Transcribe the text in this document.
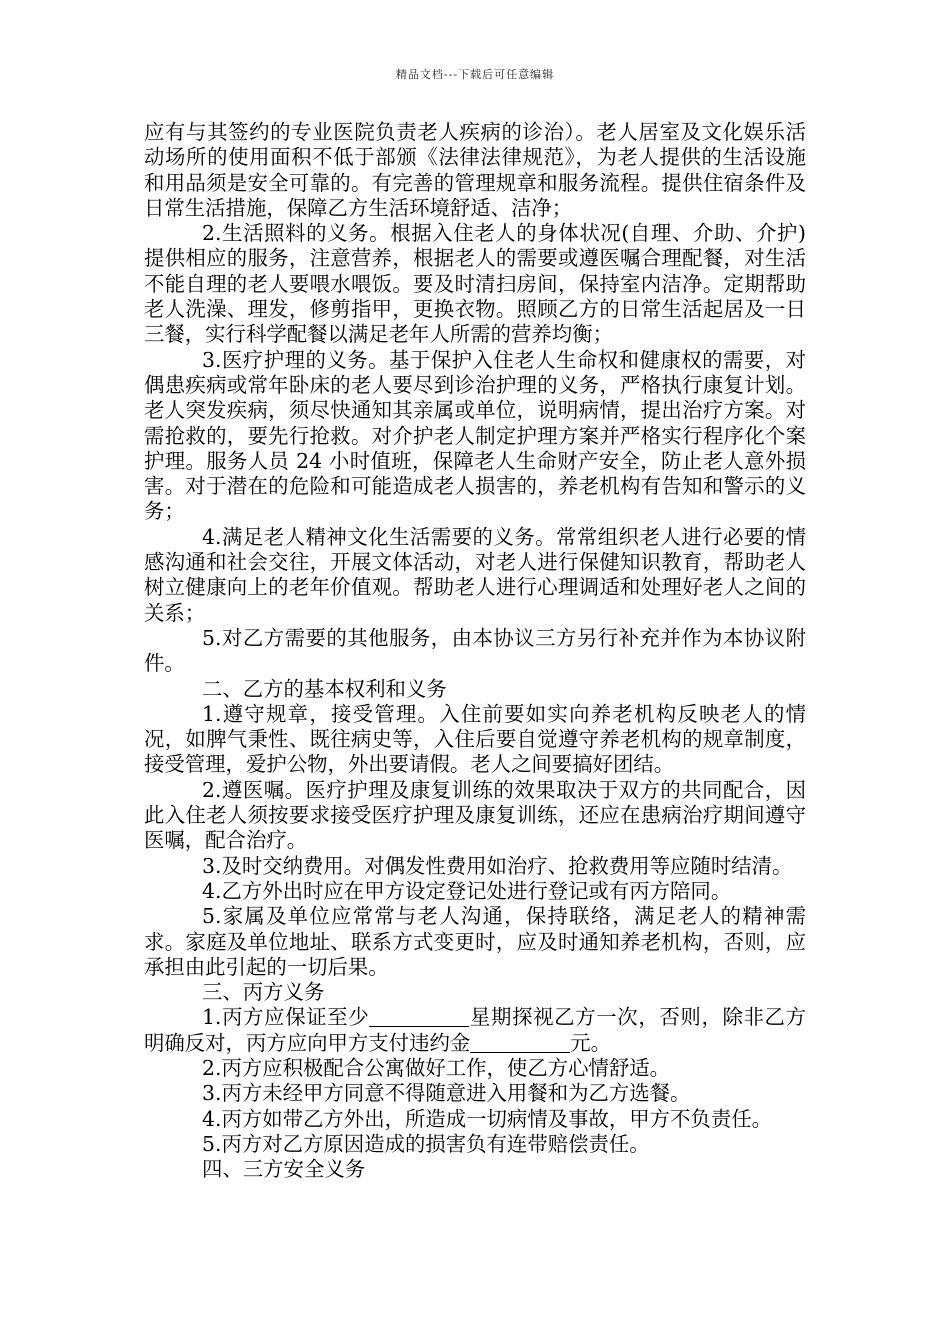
精品文档---下载后可任意编辑

应有与其签约的专业医院负责老人疾病的诊治）。老人居室及文化娱乐活动场所的使用面积不低于部颁《法律法律规范》，为老人提供的生活设施和用品须是安全可靠的。有完善的管理规章和服务流程。提供住宿条件及日常生活措施，保障乙方生活环境舒适、洁净；

2.生活照料的义务。根据入住老人的身体状况(自理、介助、介护)提供相应的服务，注意营养，根据老人的需要或遵医嘱合理配餐，对生活不能自理的老人要喂水喂饭。要及时清扫房间，保持室内洁净。定期帮助老人洗澡、理发，修剪指甲，更换衣物。照顾乙方的日常生活起居及一日三餐，实行科学配餐以满足老年人所需的营养均衡；

3.医疗护理的义务。基于保护入住老人生命权和健康权的需要，对偶患疾病或常年卧床的老人要尽到诊治护理的义务，严格执行康复计划。老人突发疾病，须尽快通知其亲属或单位，说明病情，提出治疗方案。对需抢救的，要先行抢救。对介护老人制定护理方案并严格实行程序化个案护理。服务人员 24 小时值班，保障老人生命财产安全，防止老人意外损害。对于潜在的危险和可能造成老人损害的，养老机构有告知和警示的义务；

4.满足老人精神文化生活需要的义务。常常组织老人进行必要的情感沟通和社会交往，开展文体活动，对老人进行保健知识教育，帮助老人树立健康向上的老年价值观。帮助老人进行心理调适和处理好老人之间的关系；

5.对乙方需要的其他服务，由本协议三方另行补充并作为本协议附件。

二、乙方的基本权利和义务

1.遵守规章，接受管理。入住前要如实向养老机构反映老人的情况，如脾气秉性、既往病史等，入住后要自觉遵守养老机构的规章制度，接受管理，爱护公物，外出要请假。老人之间要搞好团结。

2.遵医嘱。医疗护理及康复训练的效果取决于双方的共同配合，因此入住老人须按要求接受医疗护理及康复训练，还应在患病治疗期间遵守医嘱，配合治疗。

3.及时交纳费用。对偶发性费用如治疗、抢救费用等应随时结清。

4.乙方外出时应在甲方设定登记处进行登记或有丙方陪同。

5.家属及单位应常常与老人沟通，保持联络，满足老人的精神需求。家庭及单位地址、联系方式变更时，应及时通知养老机构，否则，应承担由此引起的一切后果。

三、丙方义务

1.丙方应保证至少	星期探视乙方一次，否则，除非乙方明确反对，丙方应向甲方支付违约金	元。

2.丙方应积极配合公寓做好工作，使乙方心情舒适。

3.丙方未经甲方同意不得随意进入用餐和为乙方选餐。

4.丙方如带乙方外出，所造成一切病情及事故，甲方不负责任。

5.丙方对乙方原因造成的损害负有连带赔偿责任。

四、三方安全义务
